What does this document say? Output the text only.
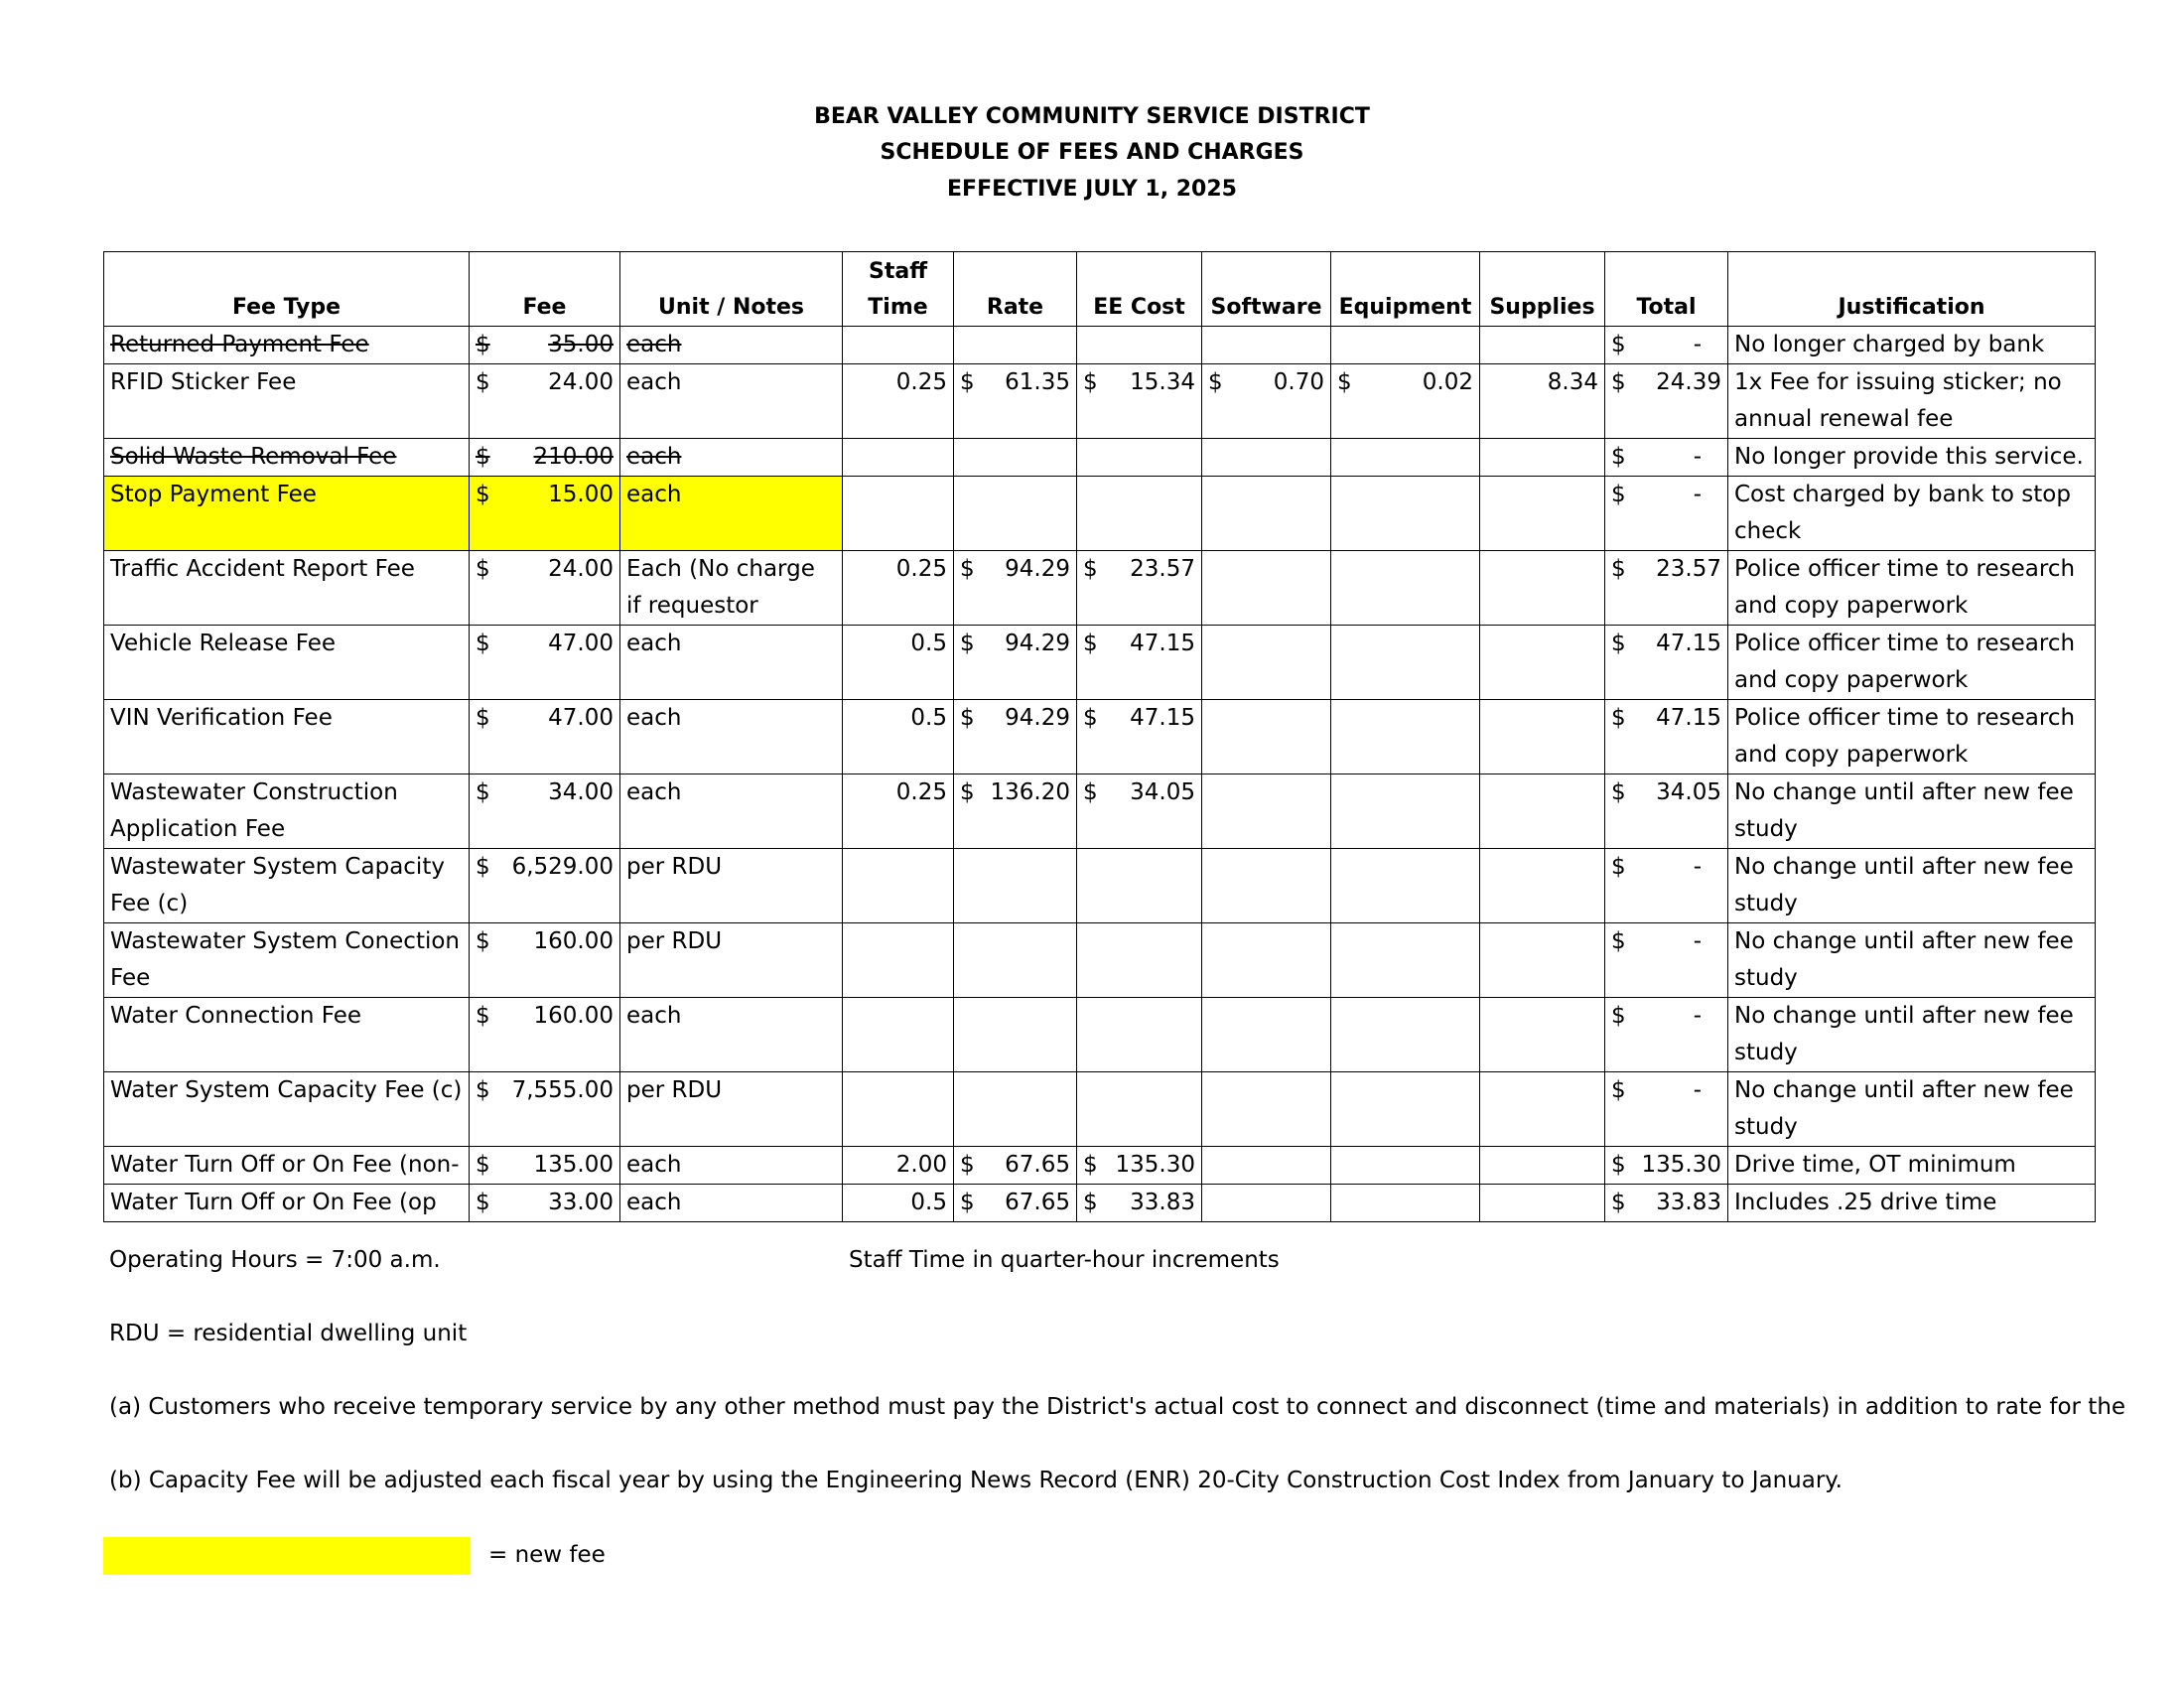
BEAR VALLEY COMMUNITY SERVICE DISTRICT
SCHEDULE OF FEES AND CHARGES
EFFECTIVE JULY 1, 2025
Fee Type	Fee	Unit / Notes	Staff Time	Rate	EE Cost	Software	Equipment	Supplies	Total	Justification
Returned Payment Fee	$ 35.00	each							$ -	No longer charged by bank
RFID Sticker Fee	$ 24.00	each	0.25	$ 61.35	$ 15.34	$ 0.70	$ 0.02	8.34	$ 24.39	1x Fee for issuing sticker; no annual renewal fee
Solid Waste Removal Fee	$ 210.00	each							$ -	No longer provide this service.
Stop Payment Fee	$ 15.00	each							$ -	Cost charged by bank to stop check
Traffic Accident Report Fee	$ 24.00	Each (No charge if requestor	0.25	$ 94.29	$ 23.57				$ 23.57	Police officer time to research and copy paperwork
Vehicle Release Fee	$ 47.00	each	0.5	$ 94.29	$ 47.15				$ 47.15	Police officer time to research and copy paperwork
VIN Verification Fee	$ 47.00	each	0.5	$ 94.29	$ 47.15				$ 47.15	Police officer time to research and copy paperwork
Wastewater Construction Application Fee	$ 34.00	each	0.25	$ 136.20	$ 34.05				$ 34.05	No change until after new fee study
Wastewater System Capacity Fee (c)	$ 6,529.00	per RDU							$ -	No change until after new fee study
Wastewater System Conection Fee	$ 160.00	per RDU							$ -	No change until after new fee study
Water Connection Fee	$ 160.00	each							$ -	No change until after new fee study
Water System Capacity Fee (c)	$ 7,555.00	per RDU							$ -	No change until after new fee study
Water Turn Off or On Fee (non-	$ 135.00	each	2.00	$ 67.65	$ 135.30				$ 135.30	Drive time, OT minimum
Water Turn Off or On Fee (op	$ 33.00	each	0.5	$ 67.65	$ 33.83				$ 33.83	Includes .25 drive time
Operating Hours = 7:00 a.m.	Staff Time in quarter-hour increments
RDU = residential dwelling unit
(a) Customers who receive temporary service by any other method must pay the District's actual cost to connect and disconnect (time and materials) in addition to rate for the
(b) Capacity Fee will be adjusted each fiscal year by using the Engineering News Record (ENR) 20-City Construction Cost Index from January to January.
= new fee
